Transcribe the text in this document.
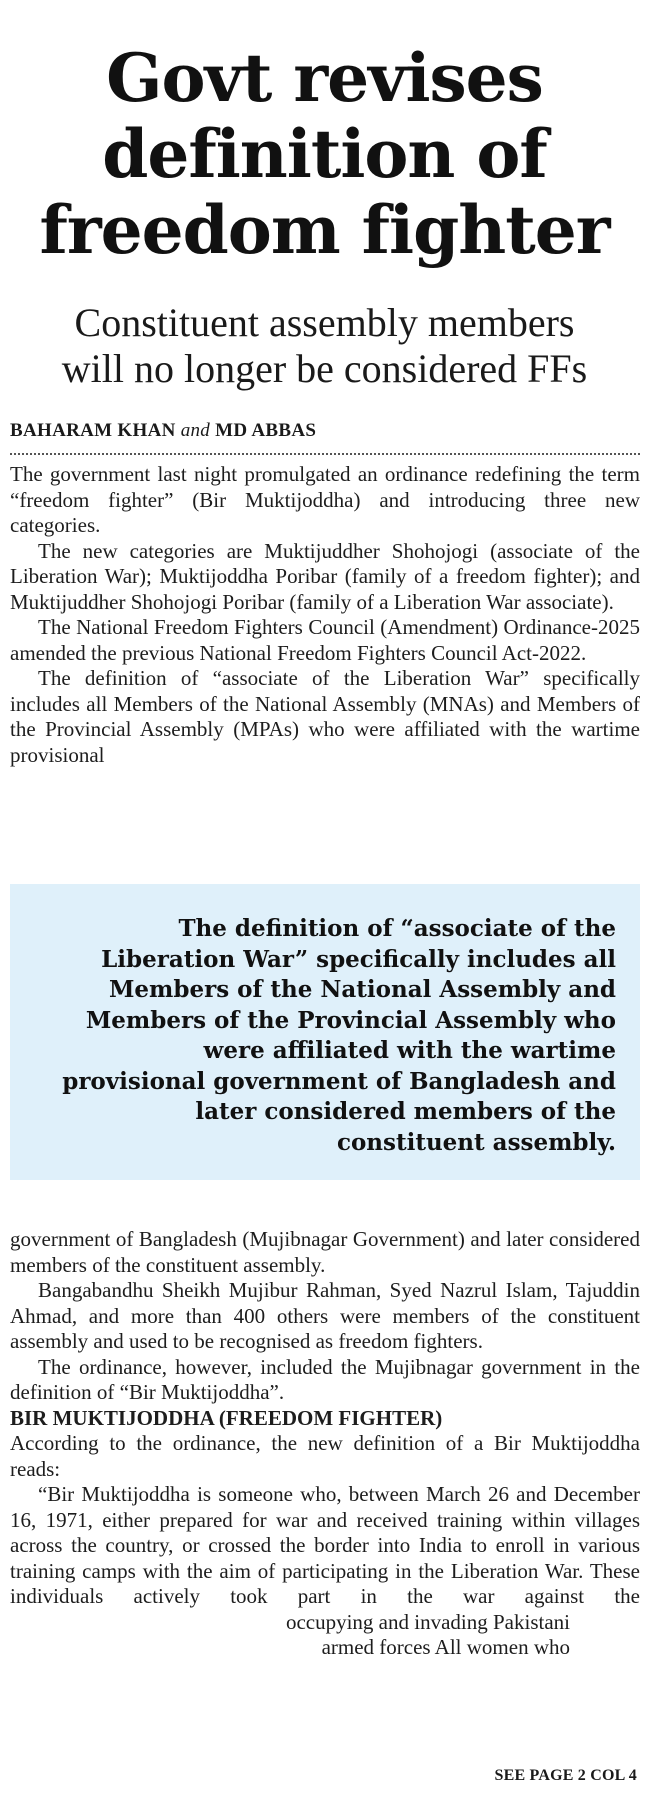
Govt revises
definition of
freedom fighter
Constituent assembly members
will no longer be considered FFs
BAHARAM KHAN and MD ABBAS

The government last night promulgated an ordinance redefining the term “freedom fighter” (Bir Muktijoddha) and introducing three new categories.

The new categories are Muktijuddher Shohojogi (associate of the Liberation War); Muktijoddha Poribar (family of a freedom fighter); and Muktijuddher Shohojogi Poribar (family of a Liberation War associate).

The National Freedom Fighters Council (Amendment) Ordinance-2025 amended the previous National Freedom Fighters Council Act-2022.

The definition of “associate of the Liberation War” specifically includes all Members of the National Assembly (MNAs) and Members of the Provincial Assembly (MPAs) who were affiliated with the wartime provisional

The definition of “associate of the Liberation War” specifically includes all Members of the National Assembly and Members of the Provincial Assembly who were affiliated with the wartime provisional government of Bangladesh and later considered members of the constituent assembly.

government of Bangladesh (Mujibnagar Government) and later considered members of the constituent assembly.

Bangabandhu Sheikh Mujibur Rahman, Syed Nazrul Islam, Tajuddin Ahmad, and more than 400 others were members of the constituent assembly and used to be recognised as freedom fighters.

The ordinance, however, included the Mujibnagar government in the definition of “Bir Muktijoddha”.

BIR MUKTIJODDHA (FREEDOM FIGHTER)

According to the ordinance, the new definition of a Bir Muktijoddha reads:

“Bir Muktijoddha is someone who, between March 26 and December 16, 1971, either prepared for war and received training within villages across the country, or crossed the border into India to enroll in various training camps with the aim of participating in the Liberation War. These individuals actively took part in the war against the

occupying and invading Pakistani

armed forces All women who

SEE PAGE 2 COL 4
